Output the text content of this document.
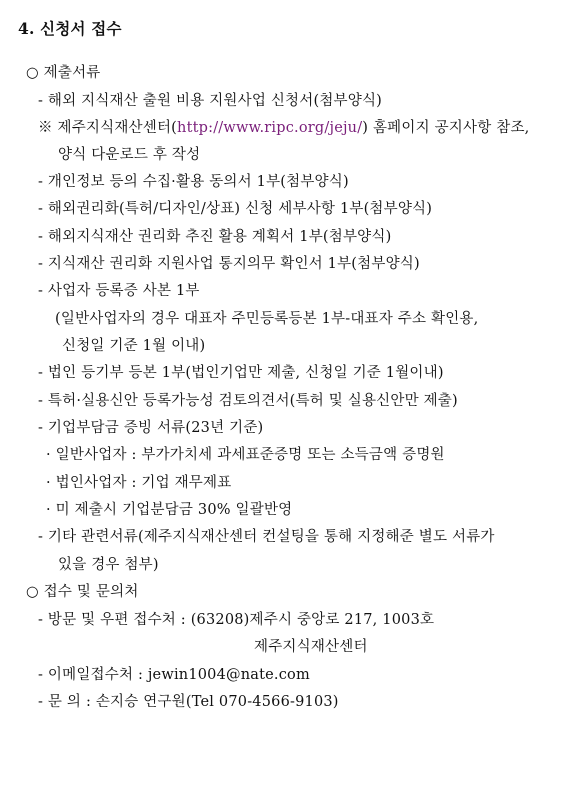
4. 신청서 접수
○ 제출서류
- 해외 지식재산 출원 비용 지원사업 신청서(첨부양식)
※ 제주지식재산센터(http://www.ripc.org/jeju/) 홈페이지 공지사항 참조,
양식 다운로드 후 작성
- 개인정보 등의 수집·활용 동의서 1부(첨부양식)
- 해외권리화(특허/디자인/상표) 신청 세부사항 1부(첨부양식)
- 해외지식재산 권리화 추진 활용 계획서 1부(첨부양식)
- 지식재산 권리화 지원사업 통지의무 확인서 1부(첨부양식)
- 사업자 등록증 사본 1부
(일반사업자의 경우 대표자 주민등록등본 1부-대표자 주소 확인용,
신청일 기준 1월 이내)
- 법인 등기부 등본 1부(법인기업만 제출, 신청일 기준 1월이내)
- 특허·실용신안 등록가능성 검토의견서(특허 및 실용신안만 제출)
- 기업부담금 증빙 서류(23년 기준)
· 일반사업자 : 부가가치세 과세표준증명 또는 소득금액 증명원
· 법인사업자 : 기업 재무제표
· 미 제출시 기업분담금 30% 일괄반영
- 기타 관련서류(제주지식재산센터 컨설팅을 통해 지정해준 별도 서류가
있을 경우 첨부)
○ 접수 및 문의처
- 방문 및 우편 접수처 : (63208)제주시 중앙로 217, 1003호
제주지식재산센터
- 이메일접수처 : jewin1004@nate.com
- 문 의 : 손지승 연구원(Tel 070-4566-9103)
